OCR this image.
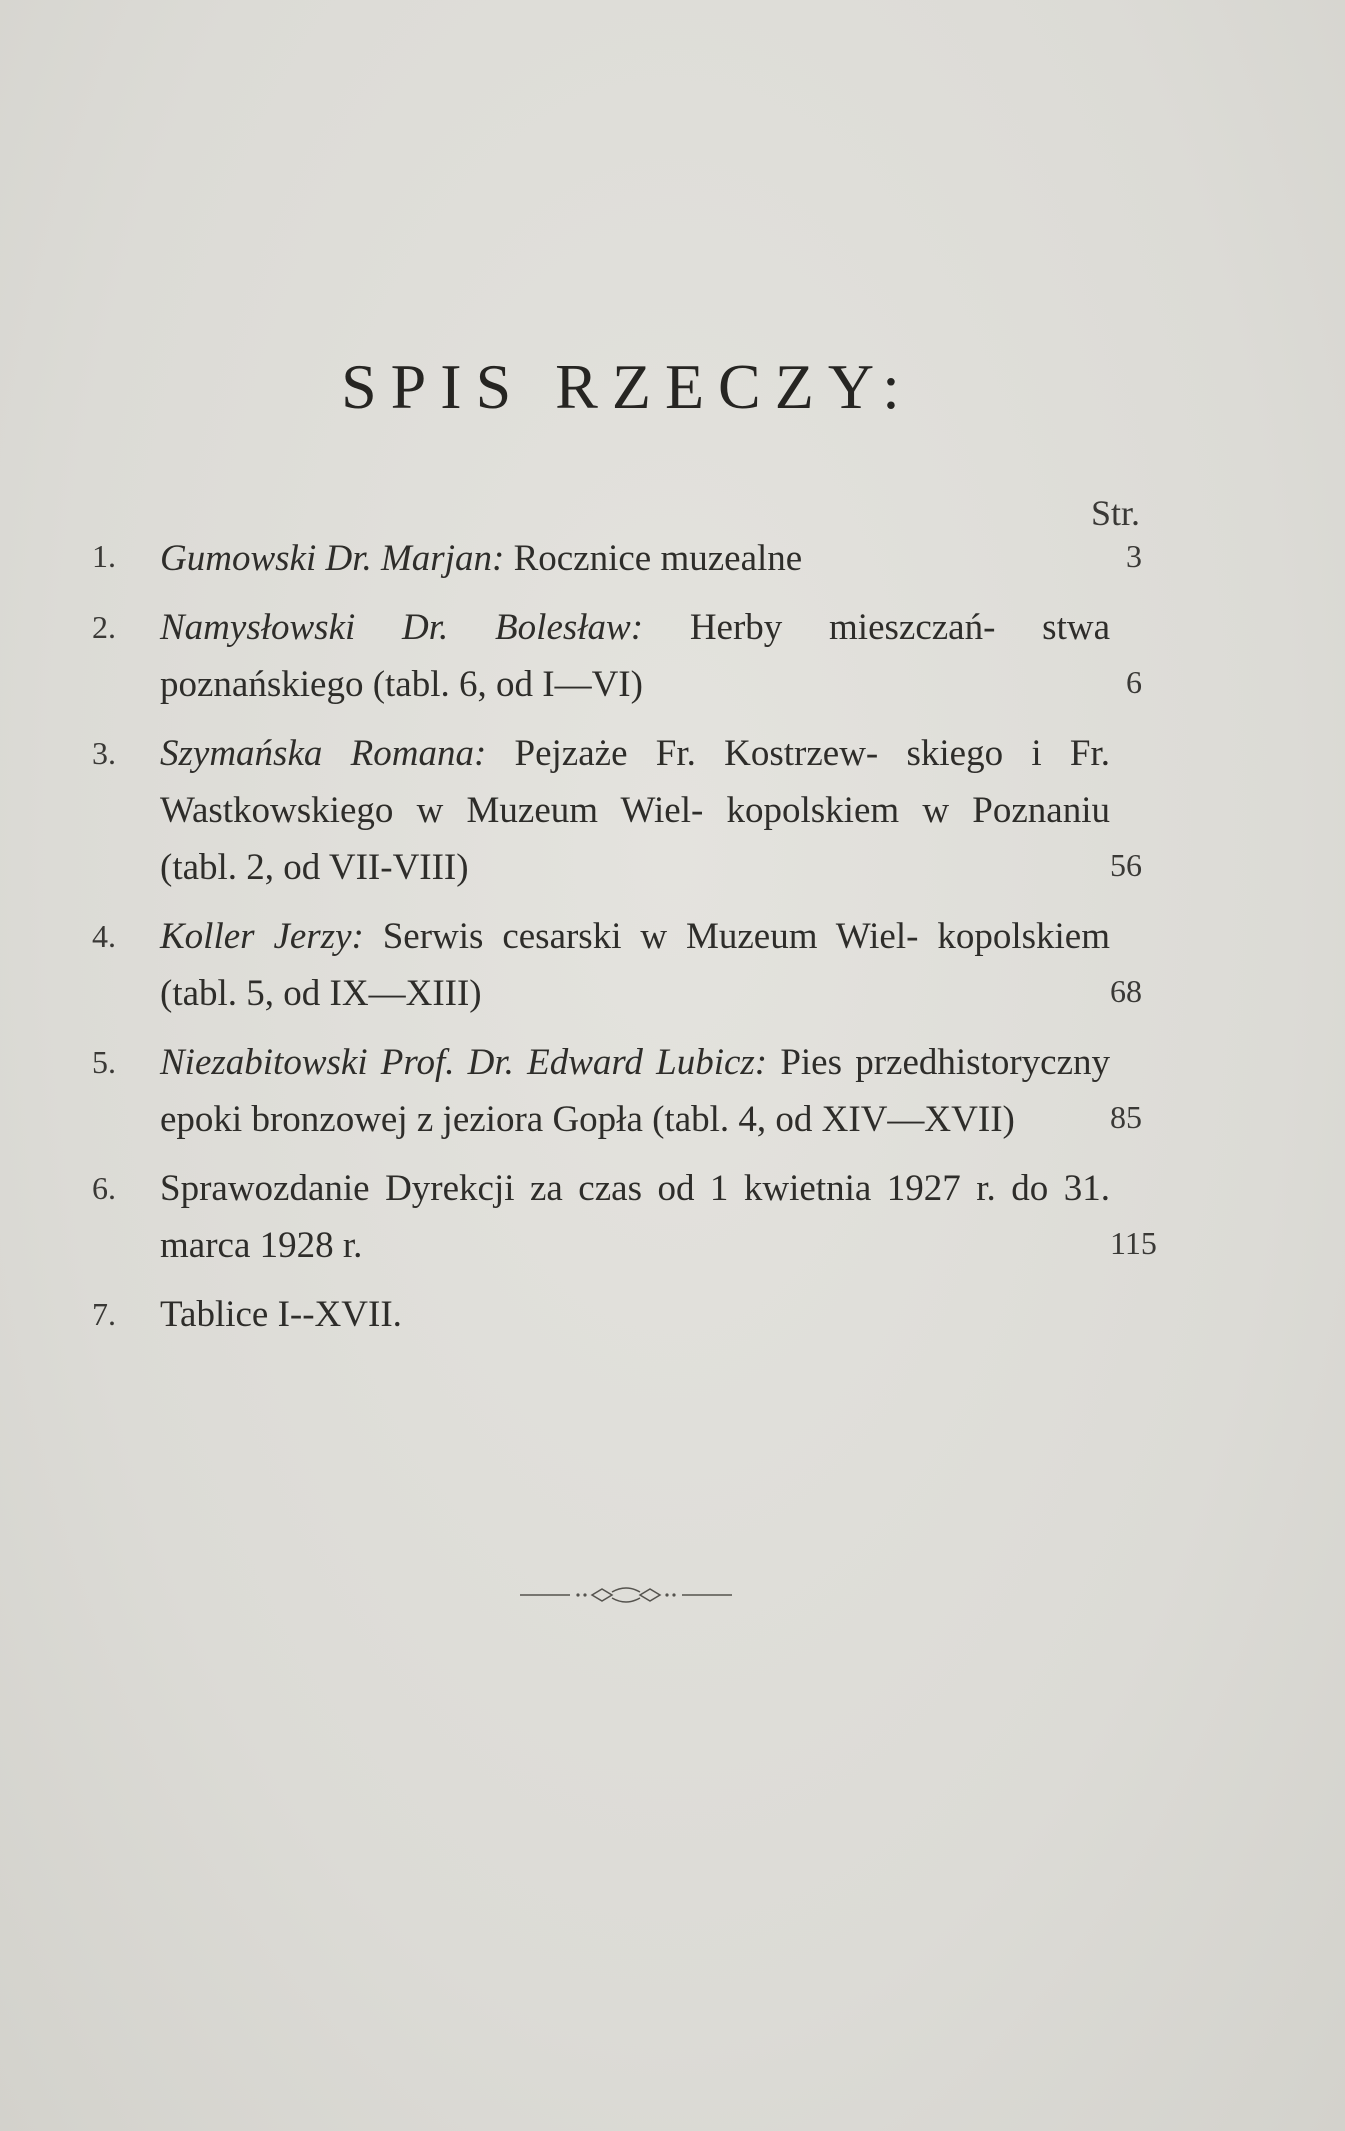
SPIS RZECZY:
Str.
1.	Gumowski Dr. Marjan: Rocznice muzealne	3
2.	Namysłowski Dr. Bolesław: Herby mieszczań- stwa poznańskiego (tabl. 6, od I—VI)	6
3.	Szymańska Romana: Pejzaże Fr. Kostrzew- skiego i Fr. Wastkowskiego w Muzeum Wiel- kopolskiem w Poznaniu (tabl. 2, od VII-VIII)	56
4.	Koller Jerzy: Serwis cesarski w Muzeum Wiel- kopolskiem (tabl. 5, od IX—XIII)	68
5.	Niezabitowski Prof. Dr. Edward Lubicz: Pies przedhistoryczny epoki bronzowej z jeziora Gopła (tabl. 4, od XIV—XVII)	85
6.	Sprawozdanie Dyrekcji za czas od 1 kwietnia 1927 r. do 31. marca 1928 r.	115
7.	Tablice I--XVII.
